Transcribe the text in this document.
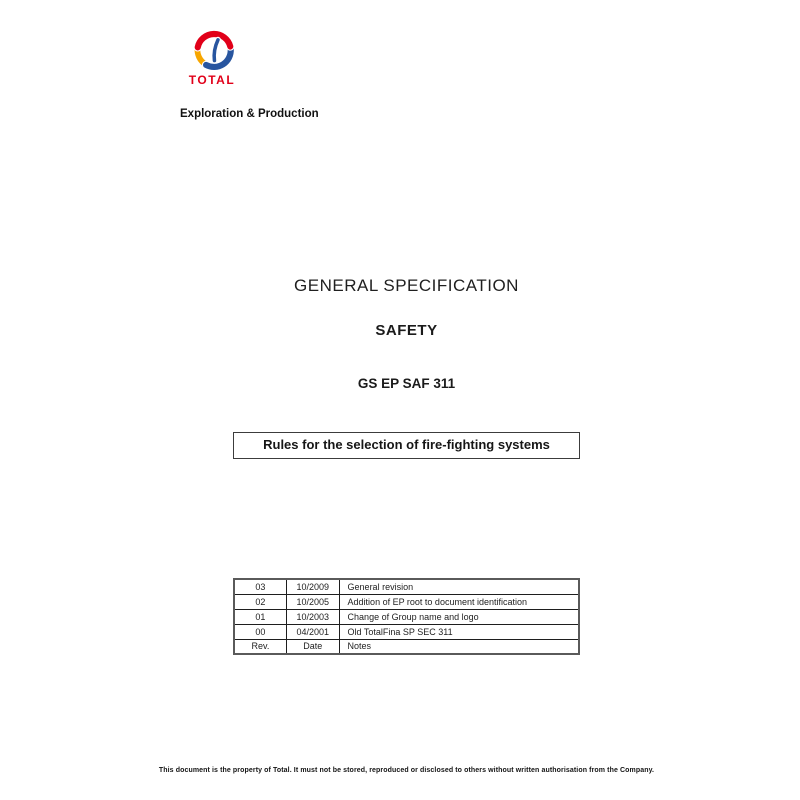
TOTAL
Exploration & Production
GENERAL SPECIFICATION
SAFETY
GS EP SAF 311
Rules for the selection of fire-fighting systems
03	10/2009	General revision
02	10/2005	Addition of EP root to document identification
01	10/2003	Change of Group name and logo
00	04/2001	Old TotalFina SP SEC 311
Rev.	Date	Notes
This document is the property of Total. It must not be stored, reproduced or disclosed to others without written authorisation from the Company.
